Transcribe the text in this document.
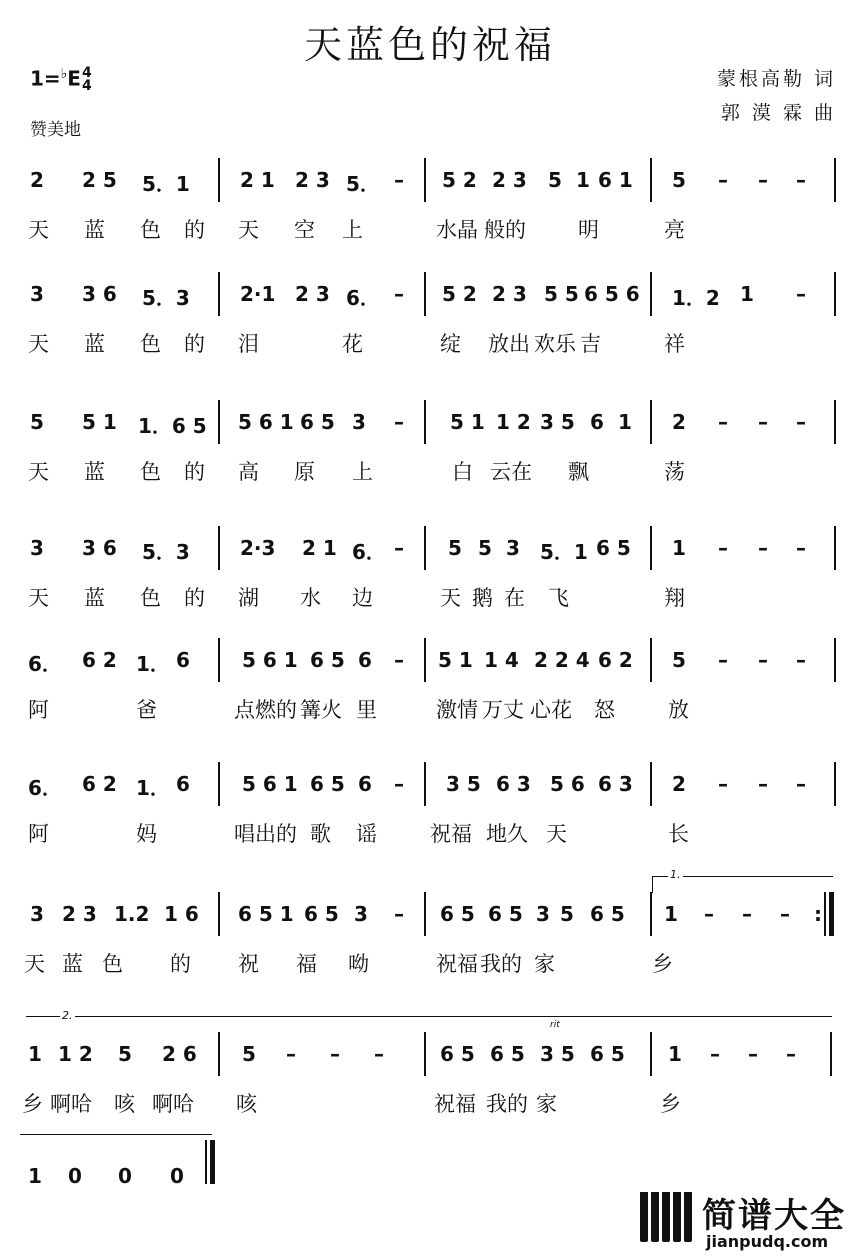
天蓝色的祝福
1=♭E4
4
赞美地
蒙根高勒 词
郭 漠 霖 曲
2 2 5 5．1	2 1 2 3 5． – 5 2 2 3 5 1 6 1 5 – – –
天 蓝 色 的 天 空 上	水晶 般的 明	亮
3 3 6 5．3	2·1 2 3 6． – 5 2 2 3 5 5 6 5 6 1．2 1 –
天 蓝 色 的 泪	花	绽 放出 欢乐 吉	祥
5 5 1 1．6 5 5 6 1 6 5 3 – 5 1 1 2 3 5 6 1 2 – – –
天 蓝 色 的 高 原 上	白 云在 飘	荡
3 3 6 5．3	2·3 2 1 6． – 5 5 3 5．1 6 5 1 – – –
天 蓝 色 的 湖 水 边	天 鹅 在 飞	翔
6． 6 2 1． 6	5 6 1 6 5 6 – 5 1 1 4 2 2 4 6 2 5 – – –
阿	爸	点燃的 篝火 里	激情 万丈 心花 怒	放
6． 6 2 1． 6	5 6 1 6 5 6 – 3 5 6 3 5 6 6 3 2 – – –
阿	妈	唱出的 歌 谣	祝福 地久 天	长
1.
3 2 3 1.2 1 6 6 5 1 6 5 3 – 6 5 6 5 3 5 6 5 1 – – – :
天 蓝 色 的 祝 福 呦	祝福 我的 家	乡
2.
rit
1 1 2 5 2 6 5 – – –	6 5 6 5 3 5 6 5 1 – – –
乡 啊哈 咳 啊哈 咳	祝福 我的 家	乡
1 0 0 0
简谱大全
jianpudq.com
